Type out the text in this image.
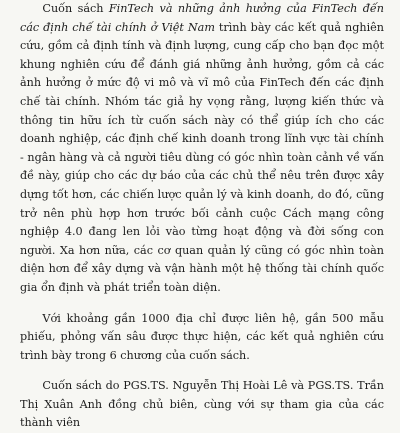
Cuốn sách FinTech và những ảnh hưởng của FinTech đến các định chế tài chính ở Việt Nam trình bày các kết quả nghiên cứu, gồm cả định tính và định lượng, cung cấp cho bạn đọc một khung nghiên cứu để đánh giá những ảnh hưởng, gồm cả các ảnh hưởng ở mức độ vi mô và vĩ mô của FinTech đến các định chế tài chính. Nhóm tác giả hy vọng rằng, lượng kiến thức và thông tin hữu ích từ cuốn sách này có thể giúp ích cho các doanh nghiệp, các định chế kinh doanh trong lĩnh vực tài chính - ngân hàng và cả người tiêu dùng có góc nhìn toàn cảnh về vấn đề này, giúp cho các dự báo của các chủ thể nêu trên được xây dựng tốt hơn, các chiến lược quản lý và kinh doanh, do đó, cũng trở nên phù hợp hơn trước bối cảnh cuộc Cách mạng công nghiệp 4.0 đang len lỏi vào từng hoạt động và đời sống con người. Xa hơn nữa, các cơ quan quản lý cũng có góc nhìn toàn diện hơn để xây dựng và vận hành một hệ thống tài chính quốc gia ổn định và phát triển toàn diện.

Với khoảng gần 1000 địa chỉ được liên hệ, gần 500 mẫu phiếu, phỏng vấn sâu được thực hiện, các kết quả nghiên cứu trình bày trong 6 chương của cuốn sách.

Cuốn sách do PGS.TS. Nguyễn Thị Hoài Lê và PGS.TS. Trần Thị Xuân Anh đồng chủ biên, cùng với sự tham gia của các thành viên
